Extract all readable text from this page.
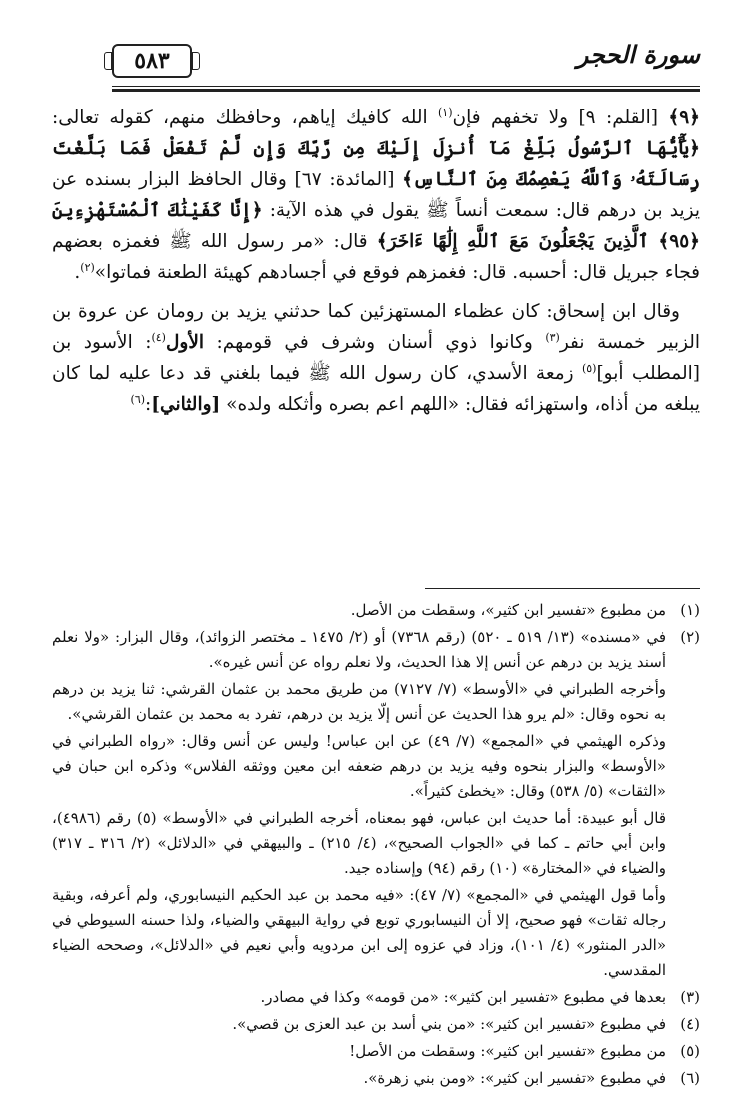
سورة الحجر
٥٨٣

﴿٩﴾ [القلم: ٩] ولا تخفهم فإن$^{(١)}$ الله كافيك إياهم، وحافظك منهم، كقوله تعالى: ﴿يَٰٓأَيُّهَا ٱلرَّسُولُ بَلِّغْ مَآ أُنزِلَ إِلَيْكَ مِن رَّبِّكَ وَإِن لَّمْ تَفْعَلْ فَمَا بَلَّغْتَ رِسَالَتَهُۥ وَٱللَّهُ يَعْصِمُكَ مِنَ ٱلنَّاسِ﴾ [المائدة: ٦٧] وقال الحافظ البزار بسنده عن يزيد بن درهم قال: سمعت أنساً ﷺ يقول في هذه الآية: ﴿إِنَّا كَفَيْنَٰكَ ٱلْمُسْتَهْزِءِينَ ﴿٩٥﴾ ٱلَّذِينَ يَجْعَلُونَ مَعَ ٱللَّهِ إِلَٰهًا ءَاخَرَ﴾ قال: «مر رسول الله ﷺ فغمزه بعضهم فجاء جبريل قال: أحسبه. قال: فغمزهم فوقع في أجسادهم كهيئة الطعنة فماتوا»$^{(٢)}$.

وقال ابن إسحاق: كان عظماء المستهزئين كما حدثني يزيد بن رومان عن عروة بن الزبير خمسة نفر$^{(٣)}$ وكانوا ذوي أسنان وشرف في قومهم: الأول$^{(٤)}$: الأسود بن [المطلب أبو]$^{(٥)}$ زمعة الأسدي، كان رسول الله ﷺ فيما بلغني قد دعا عليه لما كان يبلغه من أذاه، واستهزائه فقال: «اللهم اعم بصره وأثكله ولده» [والثاني]:$^{(٦)}$

(١)

من مطبوع «تفسير ابن كثير»، وسقطت من الأصل.

(٢)

في «مسنده» (١٣/ ٥١٩ ـ ٥٢٠) (رقم ٧٣٦٨) أو (٢/ ١٤٧٥ ـ مختصر الزوائد)، وقال البزار: «ولا نعلم أسند يزيد بن درهم عن أنس إلا هذا الحديث، ولا نعلم رواه عن أنس غيره».

وأخرجه الطبراني في «الأوسط» (٧/ ٧١٢٧) من طريق محمد بن عثمان القرشي: ثنا يزيد بن درهم به نحوه وقال: «لم يرو هذا الحديث عن أنس إلّا يزيد بن درهم، تفرد به محمد بن عثمان القرشي».

وذكره الهيثمي في «المجمع» (٧/ ٤٩) عن ابن عباس! وليس عن أنس وقال: «رواه الطبراني في «الأوسط» والبزار بنحوه وفيه يزيد بن درهم ضعفه ابن معين ووثقه الفلاس» وذكره ابن حبان في «الثقات» (٥/ ٥٣٨) وقال: «يخطئ كثيراً».

قال أبو عبيدة: أما حديث ابن عباس، فهو بمعناه، أخرجه الطبراني في «الأوسط» (٥) رقم (٤٩٨٦)، وابن أبي حاتم ـ كما في «الجواب الصحيح»، (٤/ ٢١٥) ـ والبيهقي في «الدلائل» (٢/ ٣١٦ ـ ٣١٧) والضياء في «المختارة» (١٠) رقم (٩٤) وإسناده جيد.

وأما قول الهيثمي في «المجمع» (٧/ ٤٧): «فيه محمد بن عبد الحكيم النيسابوري، ولم أعرفه، وبقية رجاله ثقات» فهو صحيح، إلا أن النيسابوري توبع في رواية البيهقي والضياء، ولذا حسنه السيوطي في «الدر المنثور» (٤/ ١٠١)، وزاد في عزوه إلى ابن مردويه وأبي نعيم في «الدلائل»، وصححه الضياء المقدسي.

(٣)

بعدها في مطبوع «تفسير ابن كثير»: «من قومه» وكذا في مصادر.

(٤)

في مطبوع «تفسير ابن كثير»: «من بني أسد بن عبد العزى بن قصي».

(٥)

من مطبوع «تفسير ابن كثير»: وسقطت من الأصل!

(٦)

في مطبوع «تفسير ابن كثير»: «ومن بني زهرة».
